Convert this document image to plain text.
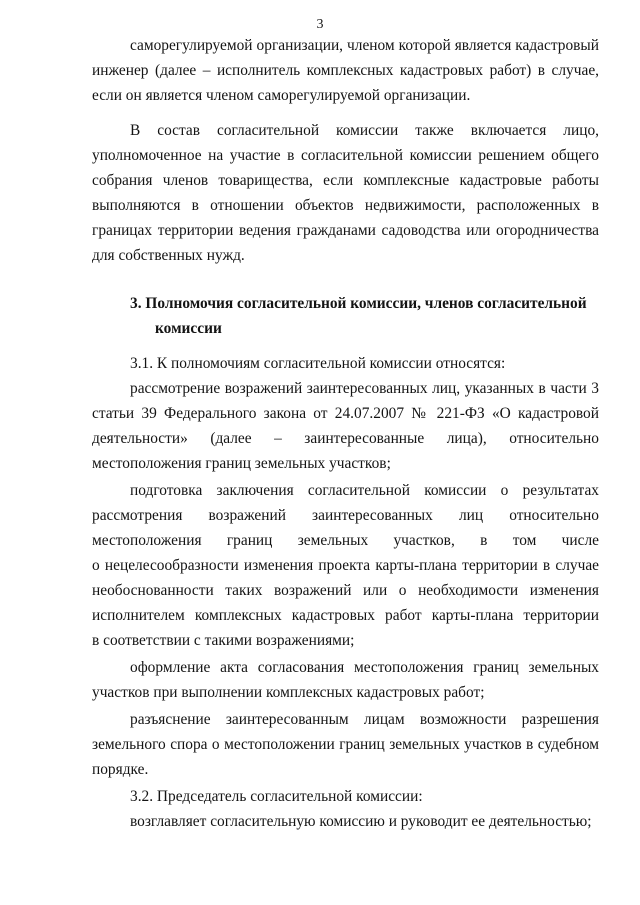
3
саморегулируемой организации, членом которой является кадастровый
инженер (далее – исполнитель комплексных кадастровых работ) в случае,
если он является членом саморегулируемой организации.
В состав согласительной комиссии также включается лицо,
уполномоченное на участие в согласительной комиссии решением общего
собрания членов товарищества, если комплексные кадастровые работы
выполняются в отношении объектов недвижимости, расположенных в
границах территории ведения гражданами садоводства или огородничества
для собственных нужд.
3. Полномочия согласительной комиссии, членов согласительной
комиссии
3.1. К полномочиям согласительной комиссии относятся:
рассмотрение возражений заинтересованных лиц, указанных в части 3
статьи 39 Федерального закона от 24.07.2007 № 221-ФЗ «О кадастровой
деятельности» (далее – заинтересованные лица), относительно
местоположения границ земельных участков;
подготовка заключения согласительной комиссии о результатах
рассмотрения возражений заинтересованных лиц относительно
местоположения границ земельных участков, в том числе
о нецелесообразности изменения проекта карты-плана территории в случае
необоснованности таких возражений или о необходимости изменения
исполнителем комплексных кадастровых работ карты-плана территории
в соответствии с такими возражениями;
оформление акта согласования местоположения границ земельных
участков при выполнении комплексных кадастровых работ;
разъяснение заинтересованным лицам возможности разрешения
земельного спора о местоположении границ земельных участков в судебном
порядке.
3.2. Председатель согласительной комиссии:
возглавляет согласительную комиссию и руководит ее деятельностью;
